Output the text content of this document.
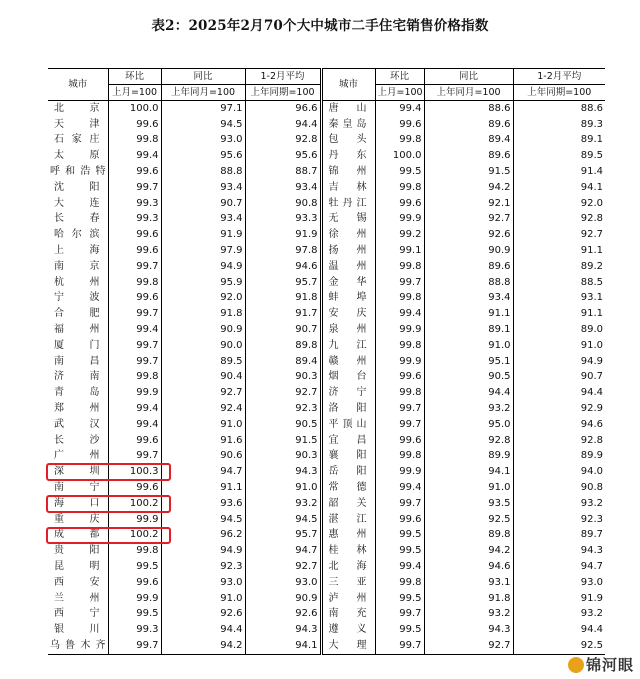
表2：2025年2月70个大中城市二手住宅销售价格指数
城市	环比	同比	1-2月平均	城市	环比	同比	1-2月平均
	上月=100	上年同月=100	上年同期=100		上月=100	上年同月=100	上年同期=100
北 京	100.0	97.1	96.6	唐 山	99.4	88.6	88.6
天 津	99.6	94.5	94.4	秦皇岛	99.6	89.6	89.3
石家庄	99.8	93.0	92.8	包 头	99.8	89.4	89.1
太 原	99.4	95.6	95.6	丹 东	100.0	89.6	89.5
呼和浩特	99.6	88.8	88.7	锦 州	99.5	91.5	91.4
沈 阳	99.7	93.4	93.4	吉 林	99.8	94.2	94.1
大 连	99.3	90.7	90.8	牡丹江	99.6	92.1	92.0
长 春	99.3	93.4	93.3	无 锡	99.9	92.7	92.8
哈尔滨	99.6	91.9	91.9	徐 州	99.2	92.6	92.7
上 海	99.6	97.9	97.8	扬 州	99.1	90.9	91.1
南 京	99.7	94.9	94.6	温 州	99.8	89.6	89.2
杭 州	99.8	95.9	95.7	金 华	99.7	88.8	88.5
宁 波	99.6	92.0	91.8	蚌 埠	99.8	93.4	93.1
合 肥	99.7	91.8	91.7	安 庆	99.4	91.1	91.1
福 州	99.4	90.9	90.7	泉 州	99.9	89.1	89.0
厦 门	99.7	90.0	89.8	九 江	99.8	91.0	91.0
南 昌	99.7	89.5	89.4	赣 州	99.9	95.1	94.9
济 南	99.8	90.4	90.3	烟 台	99.6	90.5	90.7
青 岛	99.9	92.7	92.7	济 宁	99.8	94.4	94.4
郑 州	99.4	92.4	92.3	洛 阳	99.7	93.2	92.9
武 汉	99.4	91.0	90.5	平顶山	99.7	95.0	94.6
长 沙	99.6	91.6	91.5	宜 昌	99.6	92.8	92.8
广 州	99.7	90.6	90.3	襄 阳	99.8	89.9	89.9
深 圳	100.3	94.7	94.3	岳 阳	99.9	94.1	94.0
南 宁	99.6	91.1	91.0	常 德	99.4	91.0	90.8
海 口	100.2	93.6	93.2	韶 关	99.7	93.5	93.2
重 庆	99.9	94.5	94.5	湛 江	99.6	92.5	92.3
成 都	100.2	96.2	95.7	惠 州	99.5	89.8	89.7
贵 阳	99.8	94.9	94.7	桂 林	99.5	94.2	94.3
昆 明	99.5	92.3	92.7	北 海	99.4	94.6	94.7
西 安	99.6	93.0	93.0	三 亚	99.8	93.1	93.0
兰 州	99.9	91.0	90.9	泸 州	99.5	91.8	91.9
西 宁	99.5	92.6	92.6	南 充	99.7	93.2	93.2
银 川	99.3	94.4	94.3	遵 义	99.5	94.3	94.4
乌鲁木齐	99.7	94.2	94.1	大 理	99.7	92.7	92.5
锦河眼
